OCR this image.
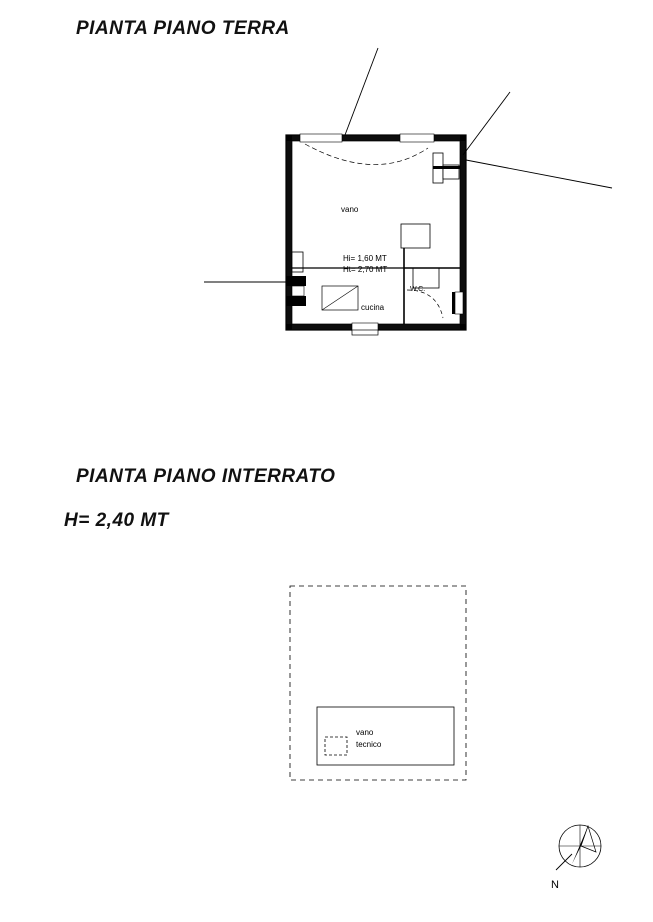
PIANTA PIANO TERRA
PIANTA PIANO INTERRATO
H= 2,40 MT
vano
cucina
W.C.
Hi= 1,60 MT
Ht= 2,70 MT
vano
tecnico
N
